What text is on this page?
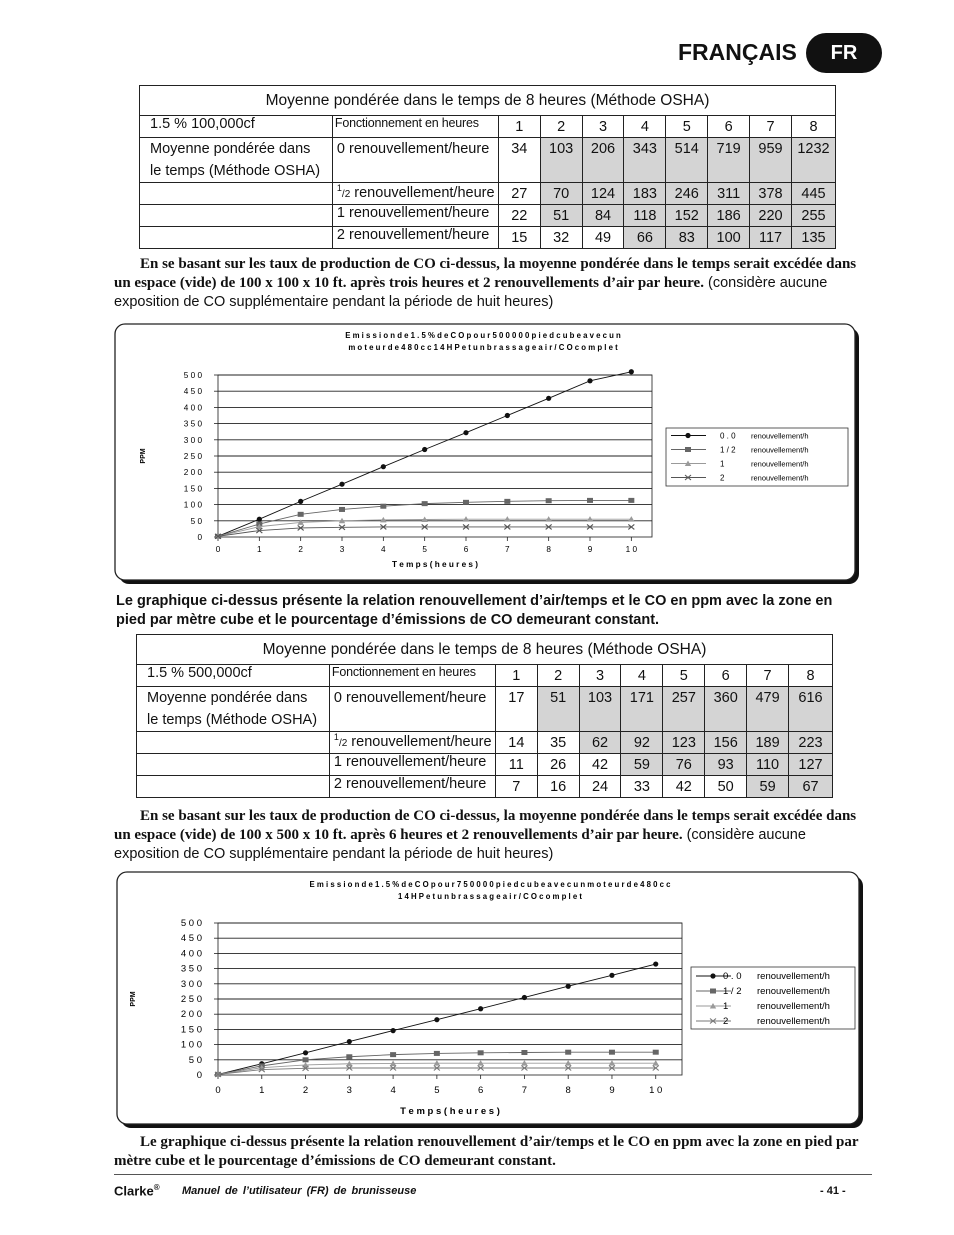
FRANÇAIS	FR
Moyenne pondérée dans le temps de 8 heures (Méthode OSHA)									
1.5 % 100,000cf	Fonctionnement en heures	1	2	3	4	5	6	7	8
Moyenne pondérée dans
le temps (Méthode OSHA)	0 renouvellement/heure	34	103	206	343	514	719	959	1232
	$^1$/2 renouvellement/heure	27	70	124	183	246	311	378	445
	1 renouvellement/heure	22	51	84	118	152	186	220	255
	2 renouvellement/heure	15	32	49	66	83	100	117	135
En se basant sur les taux de production de CO ci-dessus, la moyenne pondérée dans le temps serait excédée dans un espace (vide) de 100 x 100 x 10 ft. après trois heures et 2 renouvellements d’air par heure. (considère aucune exposition de CO supplémentaire pendant la période de huit heures)
E m i s s i o n d e 1 . 5 % d e C O p o u r 5 0 0 0 0 0 p i e d c u b e a v e c u n
m o t e u r d e 4 8 0 c c 1 4 H P e t u n b r a s s a g e a i r / C O c o m p l e t
0
5 0
1 0 0
1 5 0
2 0 0
2 5 0
3 0 0
3 5 0
4 0 0
4 5 0
5 0 0
0	1	2	3	4	5	6	7	8	9	1 0
T e m p s ( h e u r e s )
PPM
0 . 0 renouvellement/h
1 / 2 renouvellement/h
1	renouvellement/h
2	renouvellement/h
Le graphique ci-dessus présente la relation renouvellement d’air/temps et le CO en ppm avec la zone en pied par mètre cube et le pourcentage d’émissions de CO demeurant constant.
Moyenne pondérée dans le temps de 8 heures (Méthode OSHA)									
1.5 % 500,000cf	Fonctionnement en heures	1	2	3	4	5	6	7	8
Moyenne pondérée dans
le temps (Méthode OSHA)	0 renouvellement/heure	17	51	103	171	257	360	479	616
	$^1$/2 renouvellement/heure	14	35	62	92	123	156	189	223
	1 renouvellement/heure	11	26	42	59	76	93	110	127
	2 renouvellement/heure	7	16	24	33	42	50	59	67
En se basant sur les taux de production de CO ci-dessus, la moyenne pondérée dans le temps serait excédée dans un espace (vide) de 100 x 500 x 10 ft. après 6 heures et 2 renouvellements d’air par heure. (considère aucune exposition de CO supplémentaire pendant la période de huit heures)
E m i s s i o n d e 1 . 5 % d e C O p o u r 7 5 0 0 0 0 p i e d c u b e a v e c u n m o t e u r d e 4 8 0 c c
1 4 H P e t u n b r a s s a g e a i r / C O c o m p l e t
0
5 0
1 0 0
1 5 0
2 0 0
2 5 0
3 0 0
3 5 0
4 0 0
4 5 0
5 0 0
0	1	2	3	4	5	6	7	8	9	1 0
T e m p s ( h e u r e s )
PPM
0 . 0 renouvellement/h
1 / 2 renouvellement/h
1	renouvellement/h
2	renouvellement/h
Le graphique ci-dessus présente la relation renouvellement d’air/temps et le CO en ppm avec la zone en pied par mètre cube et le pourcentage d’émissions de CO demeurant constant.
Clarke® Manuel de l’utilisateur (FR) de brunisseuse	- 41 -
